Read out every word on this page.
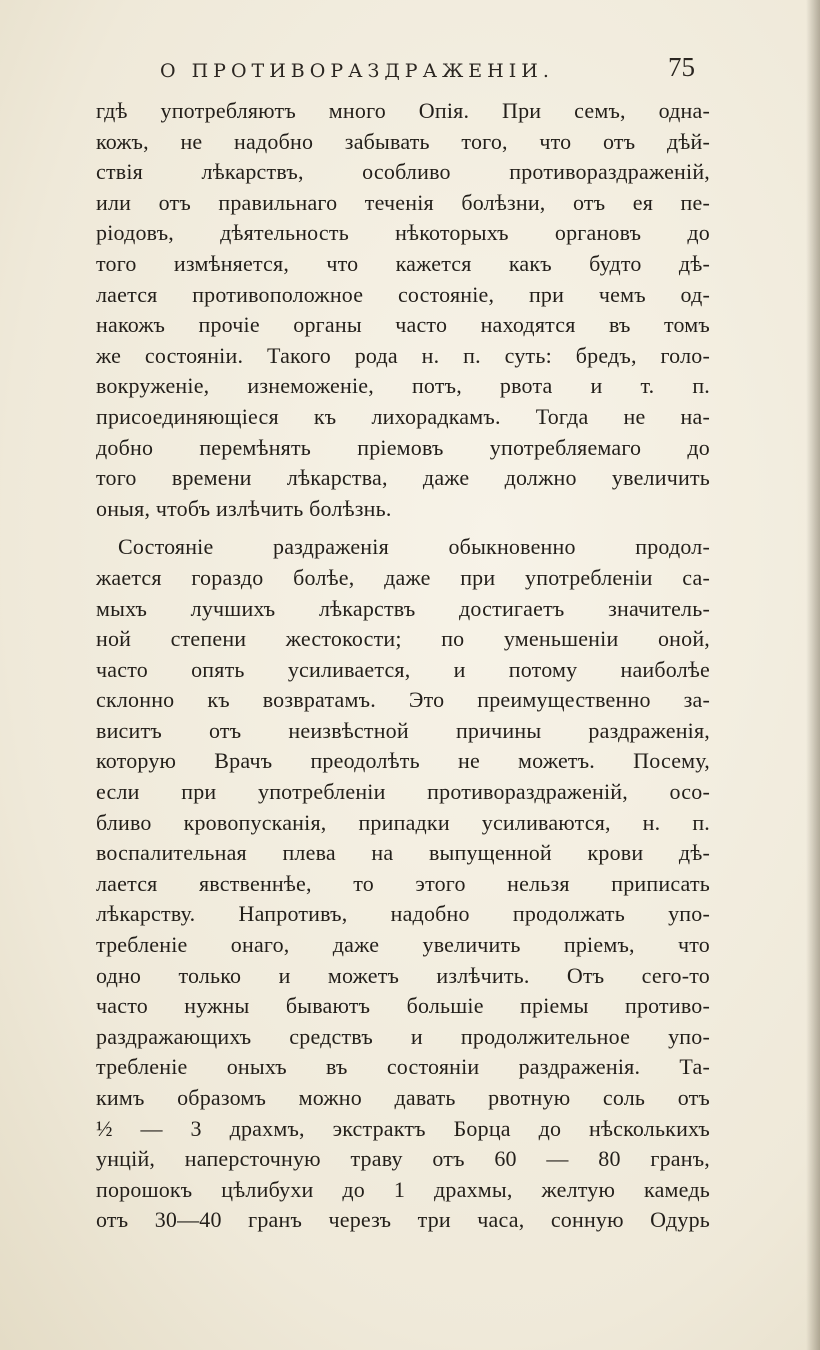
О ПРОТИВОРАЗДРАЖЕНІИ.	75
гдѣ употребляютъ много Опія. При семъ, однa-
кожъ, не надобно забывать того, что отъ дѣй-
ствія лѣкарствъ, особливо противораздраженій,
или отъ правильнаго теченія болѣзни, отъ ея пе-
ріодовъ, дѣятельность нѣкоторыхъ органовъ до
того измѣняется, что кажется какъ будто дѣ-
лается противоположное состояніе, при чемъ од-
накожъ прочіе органы часто находятся въ томъ
же состояніи. Такого рода н. п. суть: бредъ, голо-
вокруженіе, изнеможеніе, потъ, рвота и т. п.
присоединяющіеся къ лихорадкамъ. Тогда не на-
добно перемѣнять пріемовъ употребляемаго до
того времени лѣкарства, даже должно увеличить
оныя, чтобъ излѣчить болѣзнь.
Состояніе раздраженія обыкновенно продол-
жается гораздо болѣе, даже при употребленіи са-
мыхъ лучшихъ лѣкарствъ достигаетъ значитель-
ной степени жестокости; по уменьшеніи оной,
часто опять усиливается, и потому наиболѣе
склонно къ возвратамъ. Это преимущественно за-
виситъ отъ неизвѣстной причины раздраженія,
которую Врачъ преодолѣть не можетъ. Посему,
если при употребленіи противораздраженій, осо-
бливо кровопусканія, припадки усиливаются, н. п.
воспалительная плева на выпущенной крови дѣ-
лается явственнѣе, то этого нельзя приписать
лѣкарству. Напротивъ, надобно продолжать упо-
требленіе онаго, даже увеличить пріемъ, что
одно только и можетъ излѣчить. Отъ сего-то
часто нужны бываютъ большіе пріемы противо-
раздражающихъ средствъ и продолжительное упо-
требленіе оныхъ въ состояніи раздраженія. Та-
кимъ образомъ можно давать рвотную соль отъ
½ — 3 драхмъ, экстрактъ Борца до нѣсколькихъ
унцій, наперсточную траву отъ 60 — 80 гранъ,
порошокъ цѣлибухи до 1 драхмы, желтую камедь
отъ 30—40 гранъ черезъ три часа, сонную Одурь
